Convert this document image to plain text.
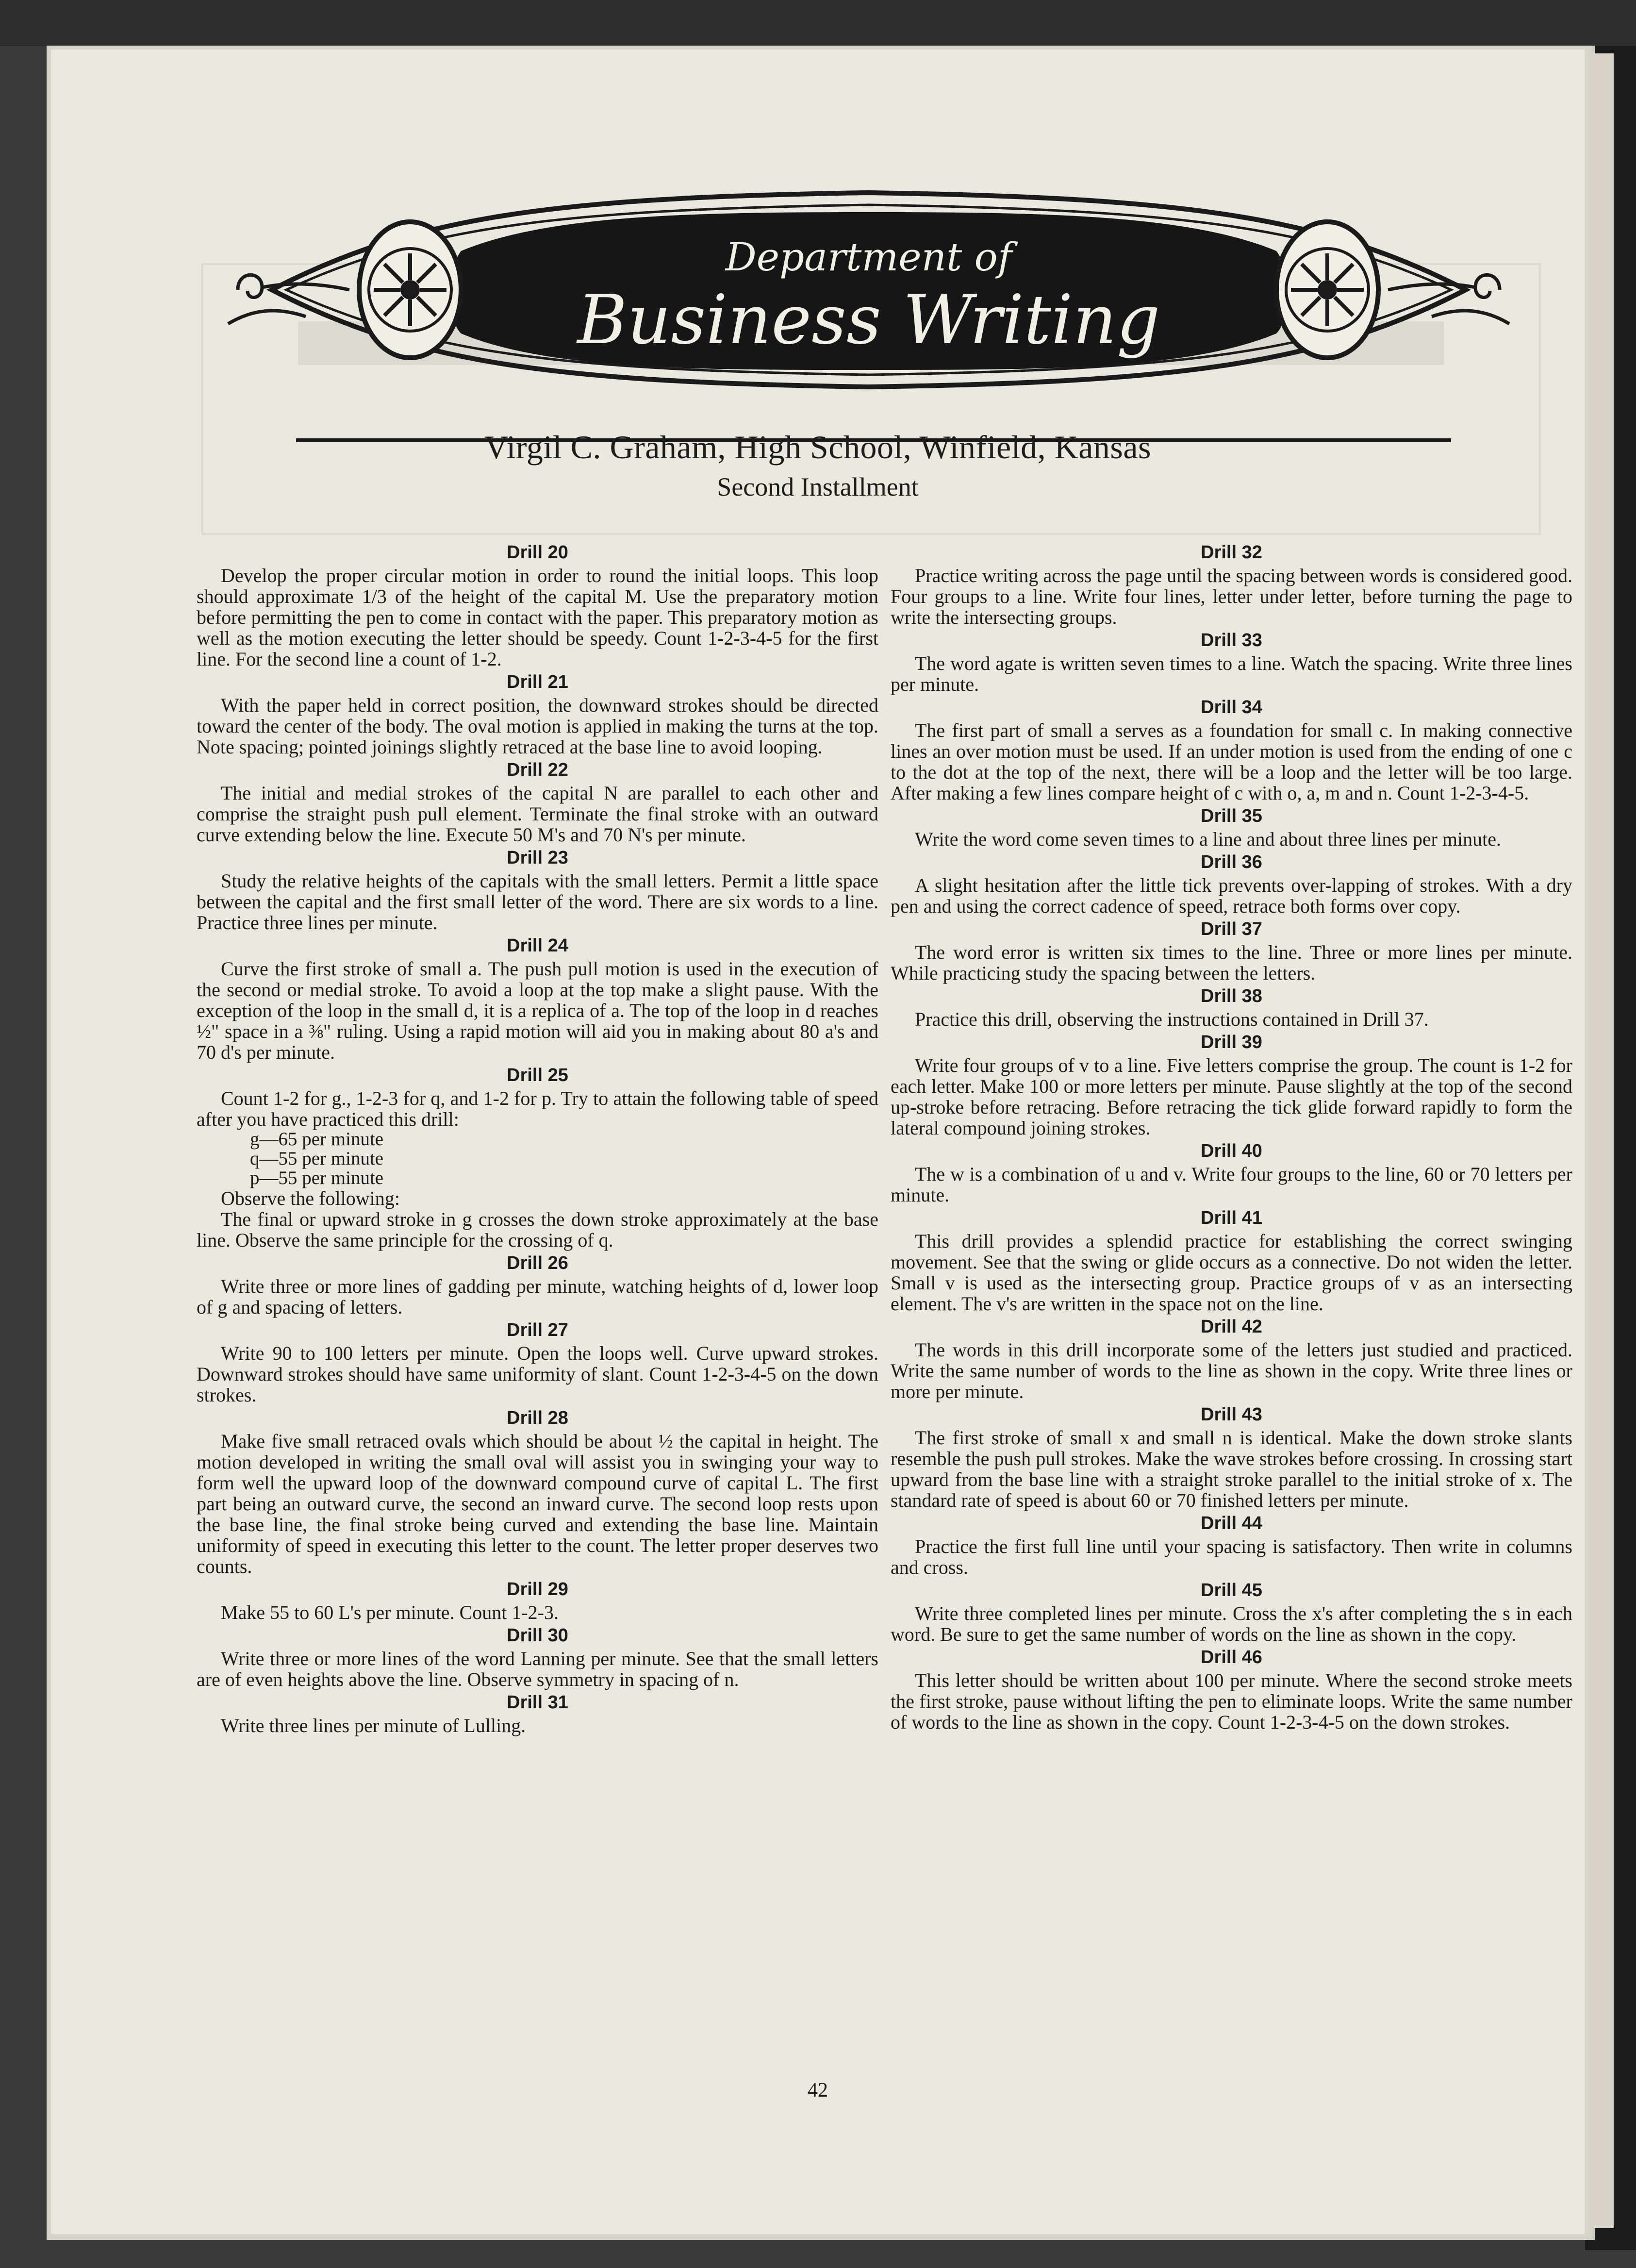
Department of
Business Writing
Virgil C. Graham, High School, Winfield, Kansas
Second Installment
Drill 20

Develop the proper circular motion in order to round the initial loops. This loop should approximate 1/3 of the height of the capital M. Use the preparatory motion before permitting the pen to come in contact with the paper. This preparatory motion as well as the motion executing the letter should be speedy. Count 1-2-3-4-5 for the first line. For the second line a count of 1-2.

Drill 21

With the paper held in correct position, the downward strokes should be directed toward the center of the body. The oval motion is applied in making the turns at the top. Note spacing; pointed joinings slightly retraced at the base line to avoid looping.

Drill 22

The initial and medial strokes of the capital N are parallel to each other and comprise the straight push pull element. Terminate the final stroke with an outward curve extending below the line. Execute 50 M's and 70 N's per minute.

Drill 23

Study the relative heights of the capitals with the small letters. Permit a little space between the capital and the first small letter of the word. There are six words to a line. Practice three lines per minute.

Drill 24

Curve the first stroke of small a. The push pull motion is used in the execution of the second or medial stroke. To avoid a loop at the top make a slight pause. With the exception of the loop in the small d, it is a replica of a. The top of the loop in d reaches ½" space in a ⅜" ruling. Using a rapid motion will aid you in making about 80 a's and 70 d's per minute.

Drill 25

Count 1-2 for g., 1-2-3 for q, and 1-2 for p. Try to attain the following table of speed after you have practiced this drill:

g—65 per minute
q—55 per minute
p—55 per minute
Observe the following:

The final or upward stroke in g crosses the down stroke approximately at the base line. Observe the same principle for the crossing of q.

Drill 26

Write three or more lines of gadding per minute, watching heights of d, lower loop of g and spacing of letters.

Drill 27

Write 90 to 100 letters per minute. Open the loops well. Curve upward strokes. Downward strokes should have same uniformity of slant. Count 1-2-3-4-5 on the down strokes.

Drill 28

Make five small retraced ovals which should be about ½ the capital in height. The motion developed in writing the small oval will assist you in swinging your way to form well the upward loop of the downward compound curve of capital L. The first part being an outward curve, the second an inward curve. The second loop rests upon the base line, the final stroke being curved and extending the base line. Maintain uniformity of speed in executing this letter to the count. The letter proper deserves two counts.

Drill 29

Make 55 to 60 L's per minute. Count 1-2-3.

Drill 30

Write three or more lines of the word Lanning per minute. See that the small letters are of even heights above the line. Observe symmetry in spacing of n.

Drill 31

Write three lines per minute of Lulling.

Drill 32

Practice writing across the page until the spacing between words is considered good. Four groups to a line. Write four lines, letter under letter, before turning the page to write the intersecting groups.

Drill 33

The word agate is written seven times to a line. Watch the spacing. Write three lines per minute.

Drill 34

The first part of small a serves as a foundation for small c. In making connective lines an over motion must be used. If an under motion is used from the ending of one c to the dot at the top of the next, there will be a loop and the letter will be too large. After making a few lines compare height of c with o, a, m and n. Count 1-2-3-4-5.

Drill 35

Write the word come seven times to a line and about three lines per minute.

Drill 36

A slight hesitation after the little tick prevents over-lapping of strokes. With a dry pen and using the correct cadence of speed, retrace both forms over copy.

Drill 37

The word error is written six times to the line. Three or more lines per minute. While practicing study the spacing between the letters.

Drill 38

Practice this drill, observing the instructions contained in Drill 37.

Drill 39

Write four groups of v to a line. Five letters comprise the group. The count is 1-2 for each letter. Make 100 or more letters per minute. Pause slightly at the top of the second up-stroke before retracing. Before retracing the tick glide forward rapidly to form the lateral compound joining strokes.

Drill 40

The w is a combination of u and v. Write four groups to the line, 60 or 70 letters per minute.

Drill 41

This drill provides a splendid practice for establishing the correct swinging movement. See that the swing or glide occurs as a connective. Do not widen the letter. Small v is used as the intersecting group. Practice groups of v as an intersecting element. The v's are written in the space not on the line.

Drill 42

The words in this drill incorporate some of the letters just studied and practiced. Write the same number of words to the line as shown in the copy. Write three lines or more per minute.

Drill 43

The first stroke of small x and small n is identical. Make the down stroke slants resemble the push pull strokes. Make the wave strokes before crossing. In crossing start upward from the base line with a straight stroke parallel to the initial stroke of x. The standard rate of speed is about 60 or 70 finished letters per minute.

Drill 44

Practice the first full line until your spacing is satisfactory. Then write in columns and cross.

Drill 45

Write three completed lines per minute. Cross the x's after completing the s in each word. Be sure to get the same number of words on the line as shown in the copy.

Drill 46

This letter should be written about 100 per minute. Where the second stroke meets the first stroke, pause without lifting the pen to eliminate loops. Write the same number of words to the line as shown in the copy. Count 1-2-3-4-5 on the down strokes.

42
